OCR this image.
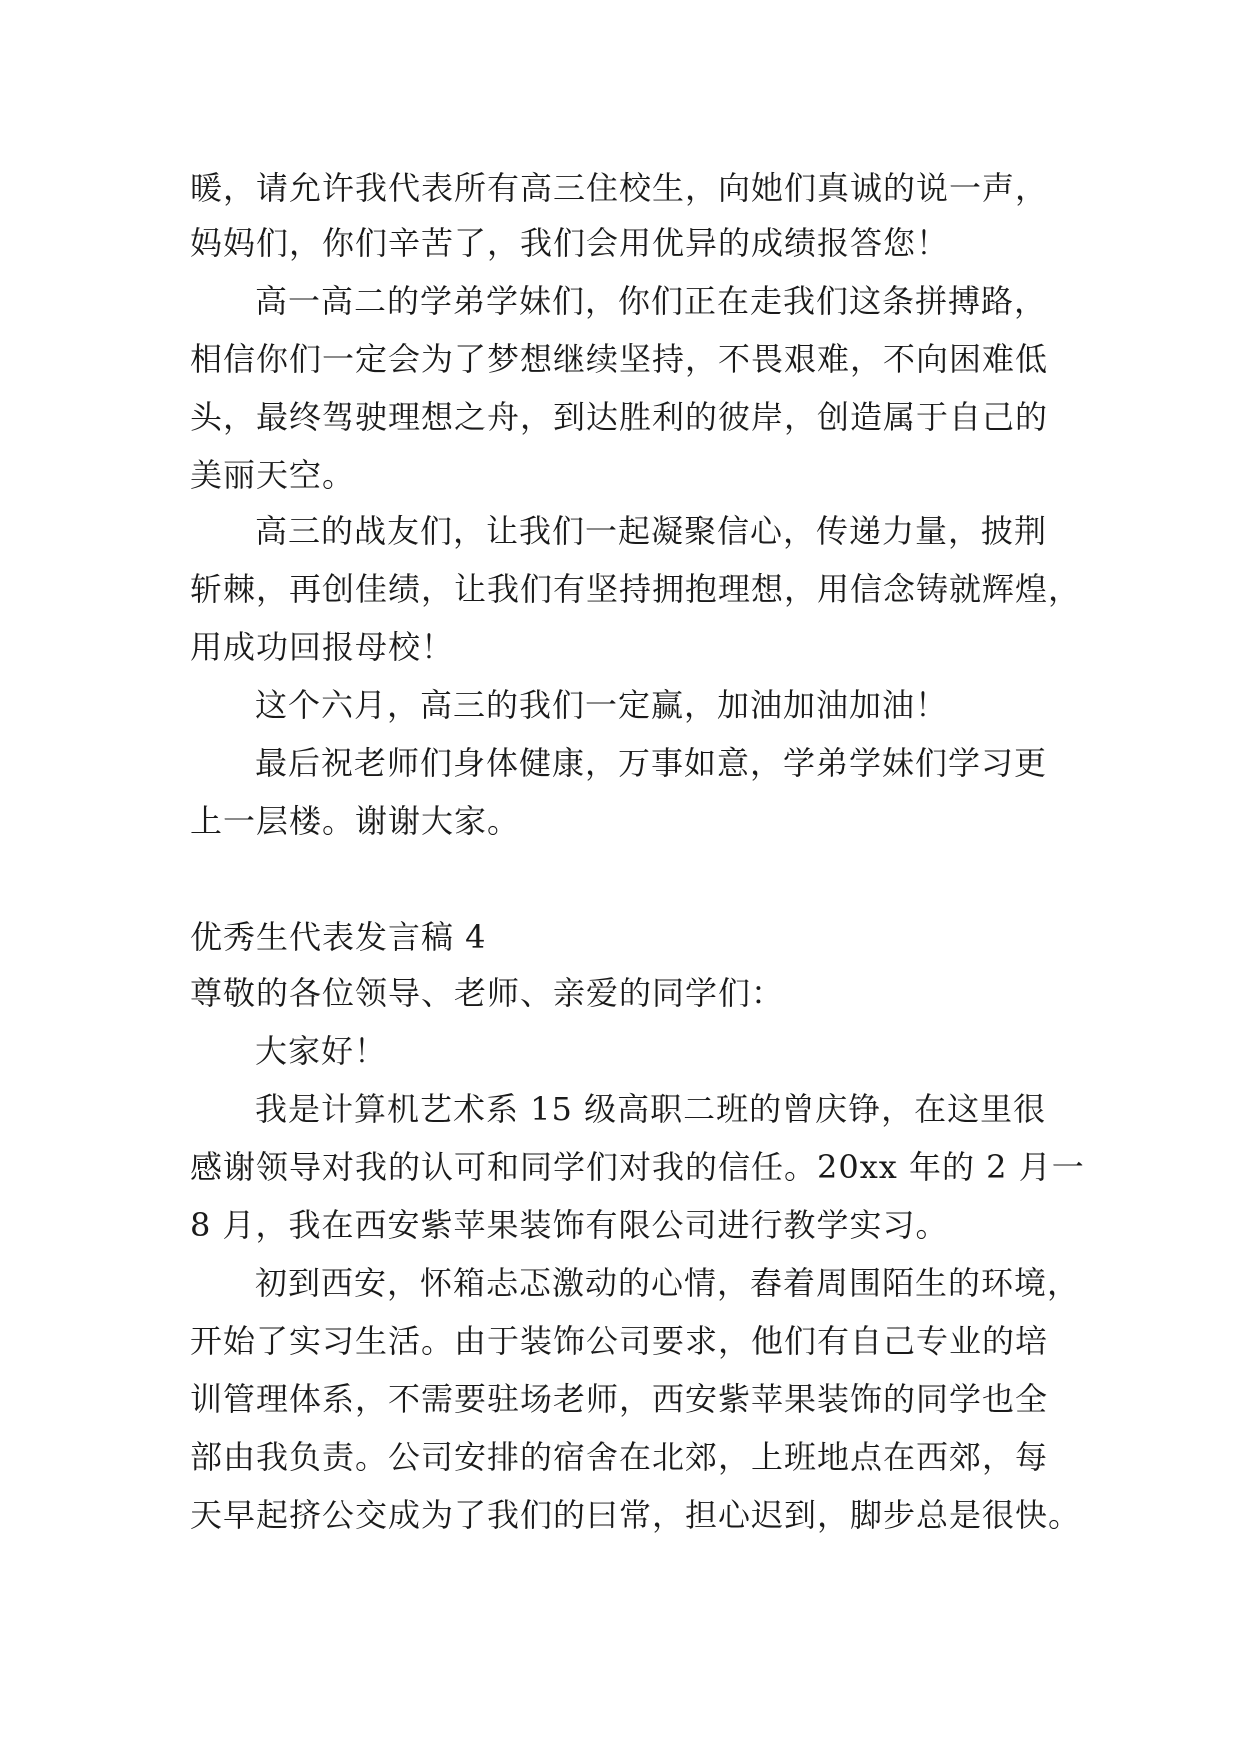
暖，请允许我代表所有高三住校生，向她们真诚的说一声，
妈妈们，你们辛苦了，我们会用优异的成绩报答您！
高一高二的学弟学妹们，你们正在走我们这条拼搏路，
相信你们一定会为了梦想继续坚持，不畏艰难，不向困难低
头，最终驾驶理想之舟，到达胜利的彼岸，创造属于自己的
美丽天空。
高三的战友们，让我们一起凝聚信心，传递力量，披荆
斩棘，再创佳绩，让我们有坚持拥抱理想，用信念铸就辉煌，
用成功回报母校！
这个六月，高三的我们一定赢，加油加油加油！
最后祝老师们身体健康，万事如意，学弟学妹们学习更
上一层楼。谢谢大家。
优秀生代表发言稿 4
尊敬的各位领导、老师、亲爱的同学们：
大家好！
我是计算机艺术系 15 级高职二班的曾庆铮，在这里很
感谢领导对我的认可和同学们对我的信任。20xx 年的 2 月一
8 月，我在西安紫苹果装饰有限公司进行教学实习。
初到西安，怀箱忐忑激动的心情，舂着周围陌生的环境，
开始了实习生活。由于装饰公司要求，他们有自己专业的培
训管理体系，不需要驻场老师，西安紫苹果装饰的同学也全
部由我负责。公司安排的宿舍在北郊，上班地点在西郊，每
天早起挤公交成为了我们的曰常，担心迟到，脚步总是很快。
